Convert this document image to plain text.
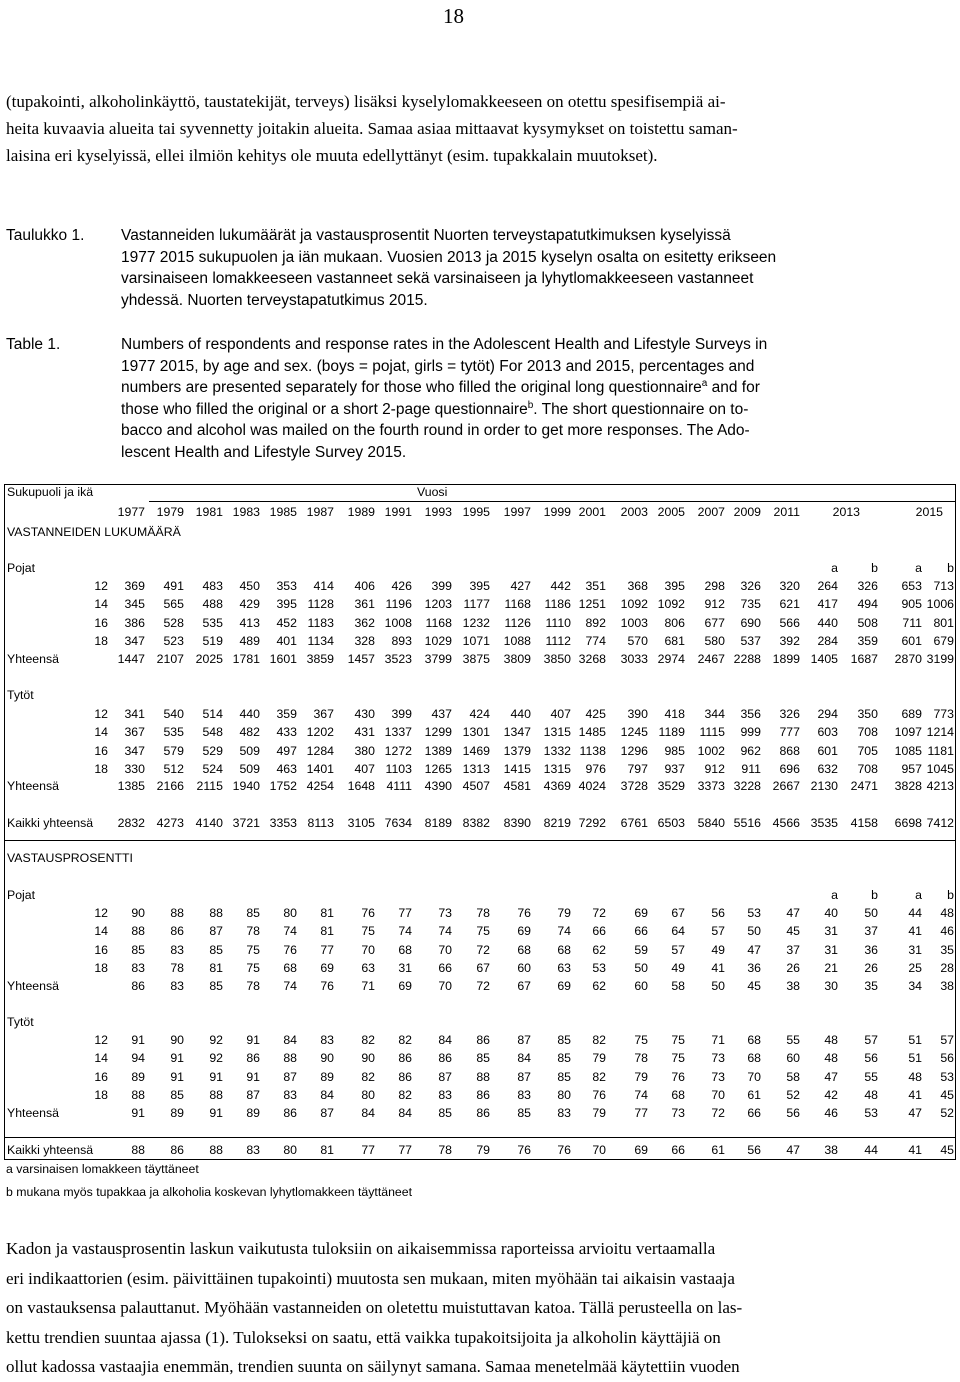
18
(tupakointi, alkoholinkäyttö, taustatekijät, terveys) lisäksi kyselylomakkeeseen on otettu spesifisempiä ai-
heita kuvaavia alueita tai syvennetty joitakin alueita. Samaa asiaa mittaavat kysymykset on toistettu saman-
laisina eri kyselyissä, ellei ilmiön kehitys ole muuta edellyttänyt (esim. tupakkalain muutokset).
Taulukko 1. Vastanneiden lukumäärät ja vastausprosentit Nuorten terveystapatutkimuksen kyselyissä
1977 2015 sukupuolen ja iän mukaan. Vuosien 2013 ja 2015 kyselyn osalta on esitetty erikseen
varsinaiseen lomakkeeseen vastanneet sekä varsinaiseen ja lyhytlomakkeeseen vastanneet
yhdessä. Nuorten terveystapatutkimus 2015.
Table 1.	Numbers of respondents and response rates in the Adolescent Health and Lifestyle Surveys in
1977 2015, by age and sex. (boys = pojat, girls = tytöt) For 2013 and 2015, percentages and
numbers are presented separately for those who filled the original long questionnaire$^a$ and for
those who filled the original or a short 2-page questionnaire$^b$. The short questionnaire on to-
bacco and alcohol was mailed on the fourth round in order to get more responses. The Ado-
lescent Health and Lifestyle Survey 2015.
Sukupuoli ja ikä	Vuosi
1977 1979 1981 1983 1985 1987 1989 1991 1993 1995 1997 1999 2001 2003 2005 2007 2009 2011	2013	2015
VASTANNEIDEN LUKUMÄÄRÄ
Pojat	a	b	a b
12 369 491 483 450 353 414 406 426 399 395 427 442 351 368 395 298 326 320 264 326 653 713
14 345 565 488 429 395 1128 361 1196 1203 1177 1168 1186 1251 1092 1092 912 735 621 417 494 905 1006
16 386 528 535 413 452 1183 362 1008 1168 1232 1126 1110 892 1003 806 677 690 566 440 508 711 801
18 347 523 519 489 401 1134 328 893 1029 1071 1088 1112 774 570 681 580 537 392 284 359 601 679
Yhteensä	1447 2107 2025 1781 1601 3859 1457 3523 3799 3875 3809 3850 3268 3033 2974 2467 2288 1899 1405 1687 2870 3199
Tytöt
12 341 540 514 440 359 367 430 399 437 424 440 407 425 390 418 344 356 326 294 350 689 773
14 367 535 548 482 433 1202 431 1337 1299 1301 1347 1315 1485 1245 1189 1115 999 777 603 708 1097 1214
16 347 579 529 509 497 1284 380 1272 1389 1469 1379 1332 1138 1296 985 1002 962 868 601 705 1085 1181
18 330 512 524 509 463 1401 407 1103 1265 1313 1415 1315 976 797 937 912 911 696 632 708 957 1045
Yhteensä	1385 2166 2115 1940 1752 4254 1648 4111 4390 4507 4581 4369 4024 3728 3529 3373 3228 2667 2130 2471 3828 4213
Kaikki yhteensä 2832 4273 4140 3721 3353 8113 3105 7634 8189 8382 8390 8219 7292 6761 6503 5840 5516 4566 3535 4158 6698 7412
VASTAUSPROSENTTI
Pojat	a	b	a b
12 90 88 88 85 80 81 76 77 73 78 76 79 72 69 67 56 53 47 40 50 44 48
14 88 86 87 78 74 81 75 74 74 75 69 74 66 66 64 57 50 45 31 37 41 46
16 85 83 85 75 76 77 70 68 70 72 68 68 62 59 57 49 47 37 31 36 31 35
18 83 78 81 75 68 69 63 31 66 67 60 63 53 50 49 41 36 26 21 26 25 28
Yhteensä	86 83 85 78 74 76 71 69 70 72 67 69 62 60 58 50 45 38 30 35 34 38
Tytöt
12 91 90 92 91 84 83 82 82 84 86 87 85 82 75 75 71 68 55 48 57 51 57
14 94 91 92 86 88 90 90 86 86 85 84 85 79 78 75 73 68 60 48 56 51 56
16 89 91 91 91 87 89 82 86 87 88 87 85 82 79 76 73 70 58 47 55 48 53
18 88 85 88 87 83 84 80 82 83 86 83 80 76 74 68 70 61 52 42 48 41 45
Yhteensä	91 89 91 89 86 87 84 84 85 86 85 83 79 77 73 72 66 56 46 53 47 52
Kaikki yhteensä	88 86 88 83 80 81 77 77 78 79 76 76 70 69 66 61 56 47 38 44 41 45
a varsinaisen lomakkeen täyttäneet
b mukana myös tupakkaa ja alkoholia koskevan lyhytlomakkeen täyttäneet
Kadon ja vastausprosentin laskun vaikutusta tuloksiin on aikaisemmissa raporteissa arvioitu vertaamalla
eri indikaattorien (esim. päivittäinen tupakointi) muutosta sen mukaan, miten myöhään tai aikaisin vastaaja
on vastauksensa palauttanut. Myöhään vastanneiden on oletettu muistuttavan katoa. Tällä perusteella on las-
kettu trendien suuntaa ajassa (1). Tulokseksi on saatu, että vaikka tupakoitsijoita ja alkoholin käyttäjiä on
ollut kadossa vastaajia enemmän, trendien suunta on säilynyt samana. Samaa menetelmää käytettiin vuoden
